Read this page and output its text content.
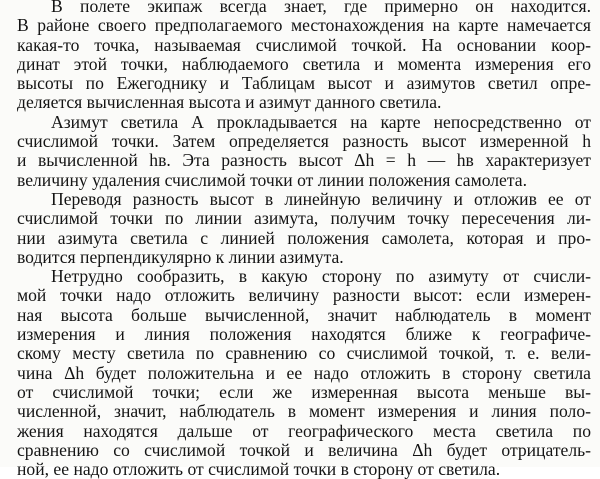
В полете экипаж всегда знает, где примерно он находится.
В районе своего предполагаемого местонахождения на карте намечается
какая-то точка, называемая счислимой точкой. На основании коор-
динат этой точки, наблюдаемого светила и момента измерения его
высоты по Ежегоднику и Таблицам высот и азимутов светил опре-
деляется вычисленная высота и азимут данного светила.
Азимут светила А прокладывается на карте непосредственно от
счислимой точки. Затем определяется разность высот измеренной h
и вычисленной hв. Эта разность высот Δh = h — hв характеризует
величину удаления счислимой точки от линии положения самолета.
Переводя разность высот в линейную величину и отложив ее от
счислимой точки по линии азимута, получим точку пересечения ли-
нии азимута светила с линией положения самолета, которая и про-
водится перпендикулярно к линии азимута.
Нетрудно сообразить, в какую сторону по азимуту от счисли-
мой точки надо отложить величину разности высот: если измерен-
ная высота больше вычисленной, значит наблюдатель в момент
измерения и линия положения находятся ближе к географиче-
скому месту светила по сравнению со счислимой точкой, т. е. вели-
чина Δh будет положительна и ее надо отложить в сторону светила
от счислимой точки; если же измеренная высота меньше вы-
численной, значит, наблюдатель в момент измерения и линия поло-
жения находятся дальше от географического места светила по
сравнению со счислимой точкой и величина Δh будет отрицатель-
ной, ее надо отложить от счислимой точки в сторону от светила.
